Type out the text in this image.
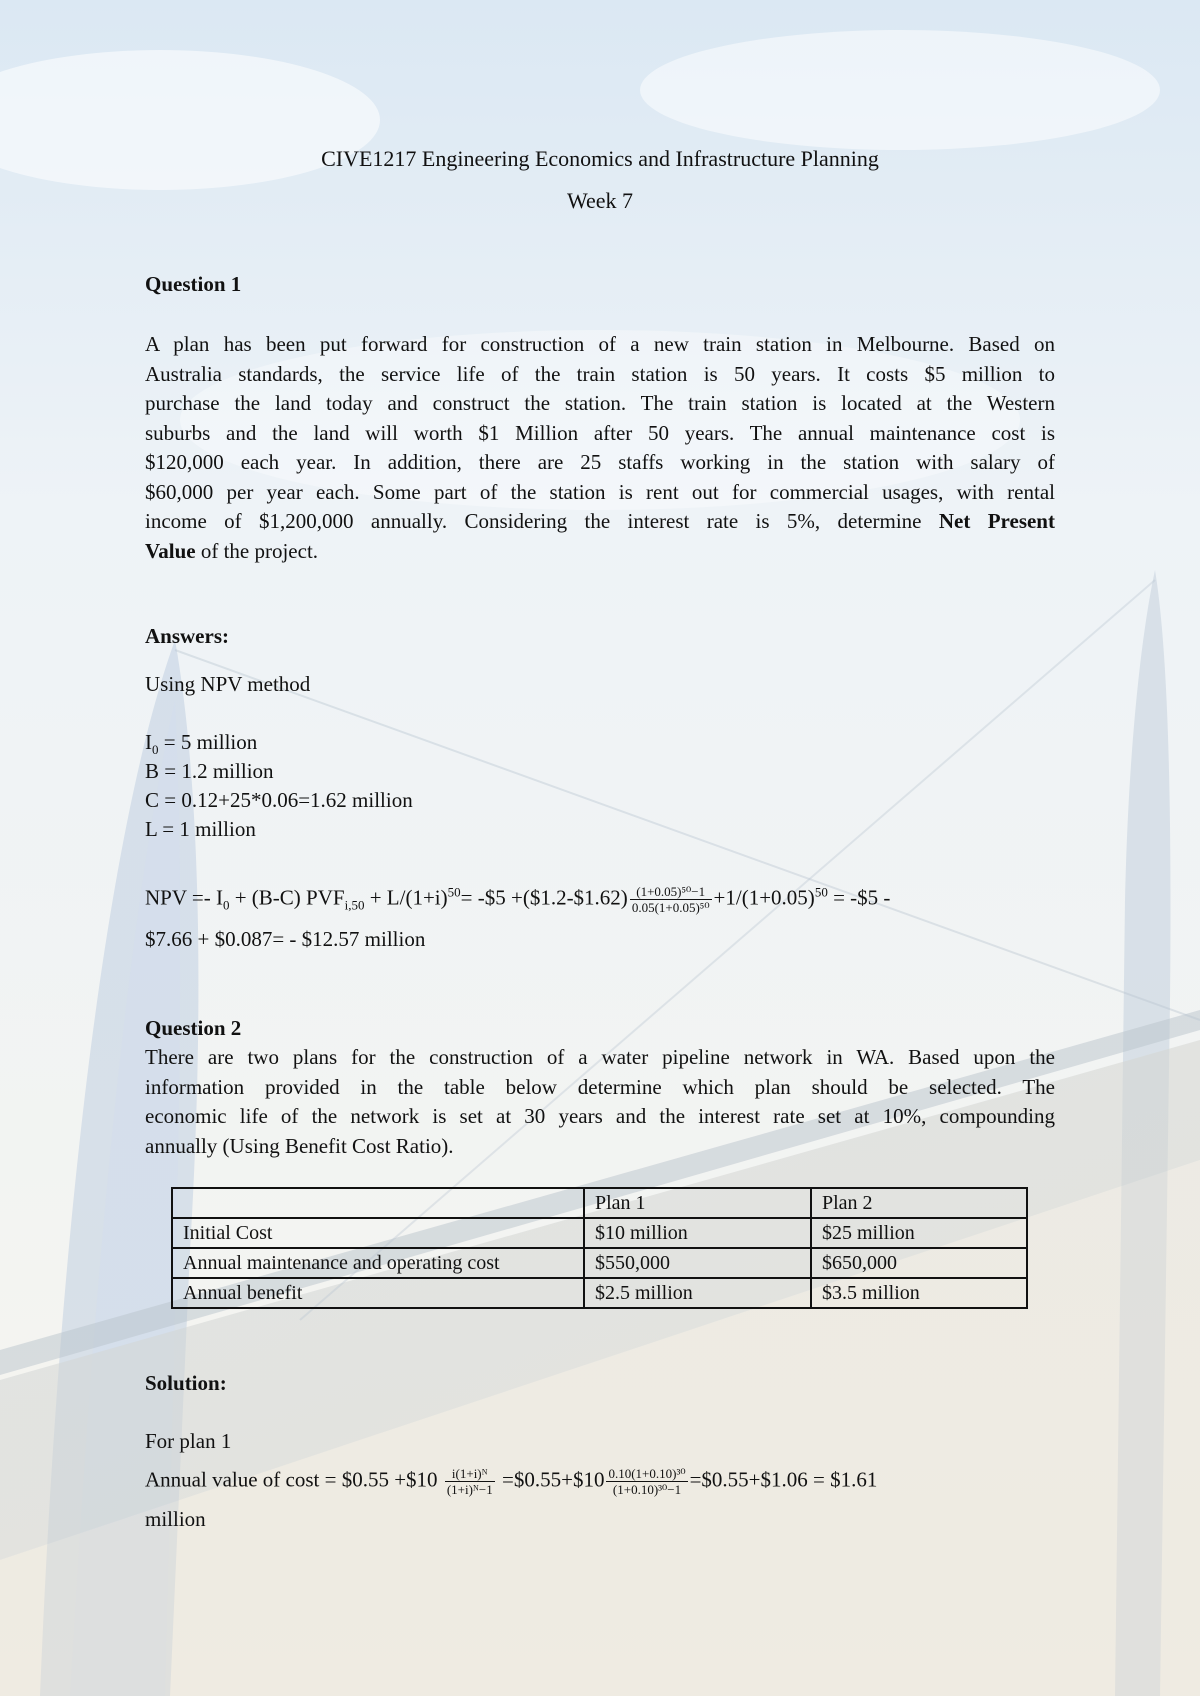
CIVE1217 Engineering Economics and Infrastructure Planning
Week 7
Question 1
A plan has been put forward for construction of a new train station in Melbourne. Based on
Australia standards, the service life of the train station is 50 years. It costs $5 million to
purchase the land today and construct the station. The train station is located at the Western
suburbs and the land will worth $1 Million after 50 years. The annual maintenance cost is
$120,000 each year. In addition, there are 25 staffs working in the station with salary of
$60,000 per year each. Some part of the station is rent out for commercial usages, with rental
income of $1,200,000 annually. Considering the interest rate is 5%, determine Net Present
Value of the project.
Answers:
Using NPV method
$I_0 = 5$ million
B = 1.2 million
C = 0.12+25*0.06=1.62 million
L = 1 million
NPV =- $I_0 + (B-C) PVF_{i,50} + L/(1+i)^{50}=$ -$5 +($1.2-$1.62) $\frac{\text{(1+0.05)⁵⁰−1}}{\text{0.05(1+0.05)⁵⁰}} +1/(1+0.05)^{50}$ = -$5 -
$7.66 + $0.087= - $12.57 million
Question 2
There are two plans for the construction of a water pipeline network in WA. Based upon the
information provided in the table below determine which plan should be selected. The
economic life of the network is set at 30 years and the interest rate set at 10%, compounding
annually (Using Benefit Cost Ratio).
	Plan 1	Plan 2
Initial Cost	$10 million	$25 million
Annual maintenance and operating cost	$550,000	$650,000
Annual benefit	$2.5 million	$3.5 million
Solution:
For plan 1
Annual value of cost = $0.55 +$10 $\frac{\text{i(1+i)ᴺ}}{\text{(1+i)ᴺ−1}}$ =$0.55+$10 $\frac{\text{0.10(1+0.10)³⁰}}{\text{(1+0.10)³⁰−1}}$ =$0.55+$1.06 = $1.61
million
